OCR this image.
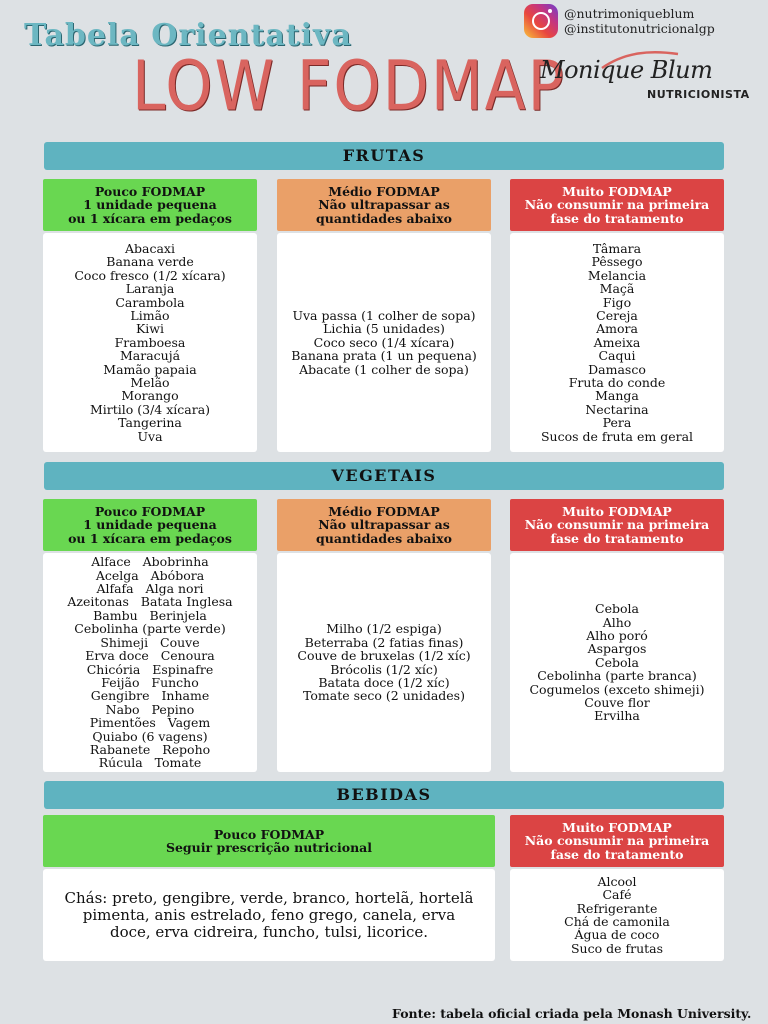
Tabela Orientativa
LOW FODMAP
@nutrimoniqueblum
@institutonutricionalgp
Monique Blum
NUTRICIONISTA
FRUTAS
Pouco FODMAP
1 unidade pequena
ou 1 xícara em pedaços
Médio FODMAP
Não ultrapassar as
quantidades abaixo
Muito FODMAP
Não consumir na primeira
fase do tratamento
Abacaxi
Banana verde
Coco fresco (1/2 xícara)
Laranja
Carambola
Limão
Kiwi
Framboesa
Maracujá
Mamão papaia
Melão
Morango
Mirtilo (3/4 xícara)
Tangerina
Uva
Uva passa (1 colher de sopa)
Lichia (5 unidades)
Coco seco (1/4 xícara)
Banana prata (1 un pequena)
Abacate (1 colher de sopa)
Tâmara
Pêssego
Melancia
Maçã
Figo
Cereja
Amora
Ameixa
Caqui
Damasco
Fruta do conde
Manga
Nectarina
Pera
Sucos de fruta em geral
VEGETAIS
Pouco FODMAP
1 unidade pequena
ou 1 xícara em pedaços
Médio FODMAP
Não ultrapassar as
quantidades abaixo
Muito FODMAP
Não consumir na primeira
fase do tratamento
Alface   Abobrinha
Acelga   Abóbora
Alfafa   Alga nori
Azeitonas   Batata Inglesa
Bambu   Berinjela
Cebolinha (parte verde)
Shimeji   Couve
Erva doce   Cenoura
Chicória   Espinafre
Feijão   Funcho
Gengibre   Inhame
Nabo   Pepino
Pimentões   Vagem
Quiabo (6 vagens)
Rabanete   Repoho
Rúcula   Tomate
Milho (1/2 espiga)
Beterraba (2 fatias finas)
Couve de bruxelas (1/2 xíc)
Brócolis (1/2 xíc)
Batata doce (1/2 xíc)
Tomate seco (2 unidades)
Cebola
Alho
Alho poró
Aspargos
Cebola
Cebolinha (parte branca)
Cogumelos (exceto shimeji)
Couve flor
Ervilha
BEBIDAS
Pouco FODMAP
Seguir prescrição nutricional
Muito FODMAP
Não consumir na primeira
fase do tratamento
Chás: preto, gengibre, verde, branco, hortelã, hortelã pimenta, anis estrelado, feno grego, canela, erva doce, erva cidreira, funcho, tulsi, licorice.
Alcool
Café
Refrigerante
Chá de camonila
Água de coco
Suco de frutas
Fonte: tabela oficial criada pela Monash University.
